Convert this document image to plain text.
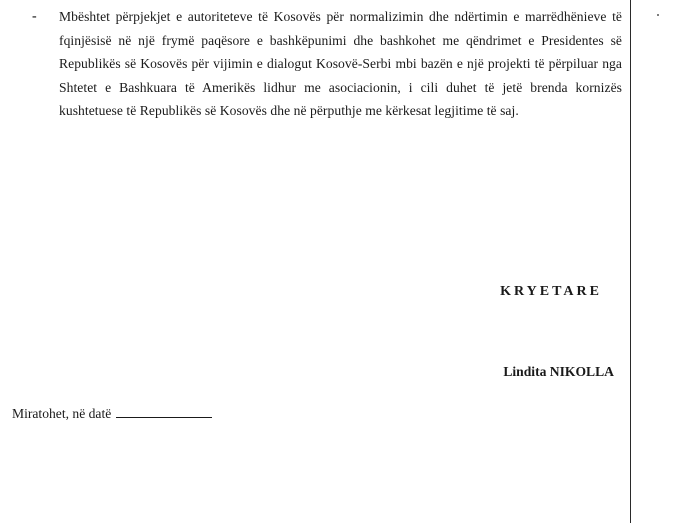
- Mbështet përpjekjet e autoriteteve të Kosovës për normalizimin dhe ndërtimin e marrëdhënieve të fqinjësisë në një frymë paqësore e bashkëpunimi dhe bashkohet me qëndrimet e Presidentes së Republikës së Kosovës për vijimin e dialogut Kosovë-Serbi mbi bazën e një projekti të përpiluar nga Shtetet e Bashkuara të Amerikës lidhur me asociacionin, i cili duhet të jetë brenda kornizës kushtetuese të Republikës së Kosovës dhe në përputhje me kërkesat legjitime të saj.
KRYETARE
Lindita NIKOLLA
Miratohet, në datë
